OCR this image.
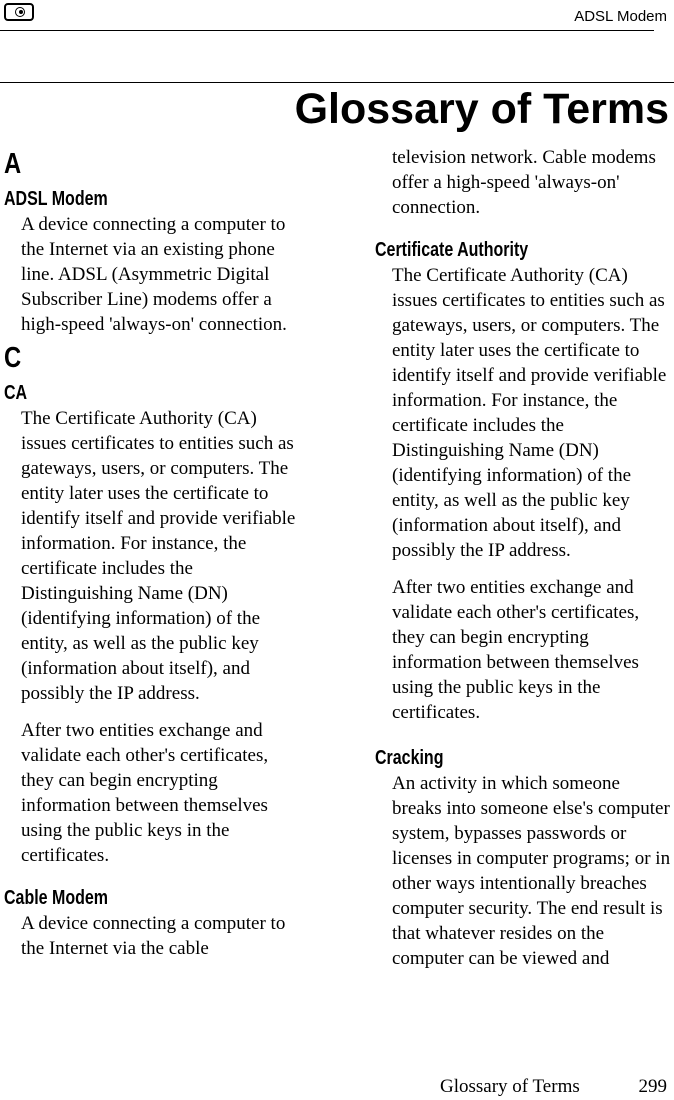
ADSL Modem
Glossary of Terms
A
ADSL Modem
A device connecting a computer to the Internet via an existing phone line. ADSL (Asymmetric Digital Subscriber Line) modems offer a high-speed 'always-on' connection.
C
CA
The Certificate Authority (CA) issues certificates to entities such as gateways, users, or computers. The entity later uses the certificate to identify itself and provide verifiable information. For instance, the certificate includes the Distinguishing Name (DN) (identifying information) of the entity, as well as the public key (information about itself), and possibly the IP address.
After two entities exchange and validate each other's certificates, they can begin encrypting information between themselves using the public keys in the certificates.
Cable Modem
A device connecting a computer to the Internet via the cable
television network. Cable modems offer a high-speed 'always-on' connection.
Certificate Authority
The Certificate Authority (CA) issues certificates to entities such as gateways, users, or computers. The entity later uses the certificate to identify itself and provide verifiable information. For instance, the certificate includes the Distinguishing Name (DN) (identifying information) of the entity, as well as the public key (information about itself), and possibly the IP address.
After two entities exchange and validate each other's certificates, they can begin encrypting information between themselves using the public keys in the certificates.
Cracking
An activity in which someone breaks into someone else's computer system, bypasses passwords or licenses in computer programs; or in other ways intentionally breaches computer security. The end result is that whatever resides on the computer can be viewed and
Glossary of Terms	299
